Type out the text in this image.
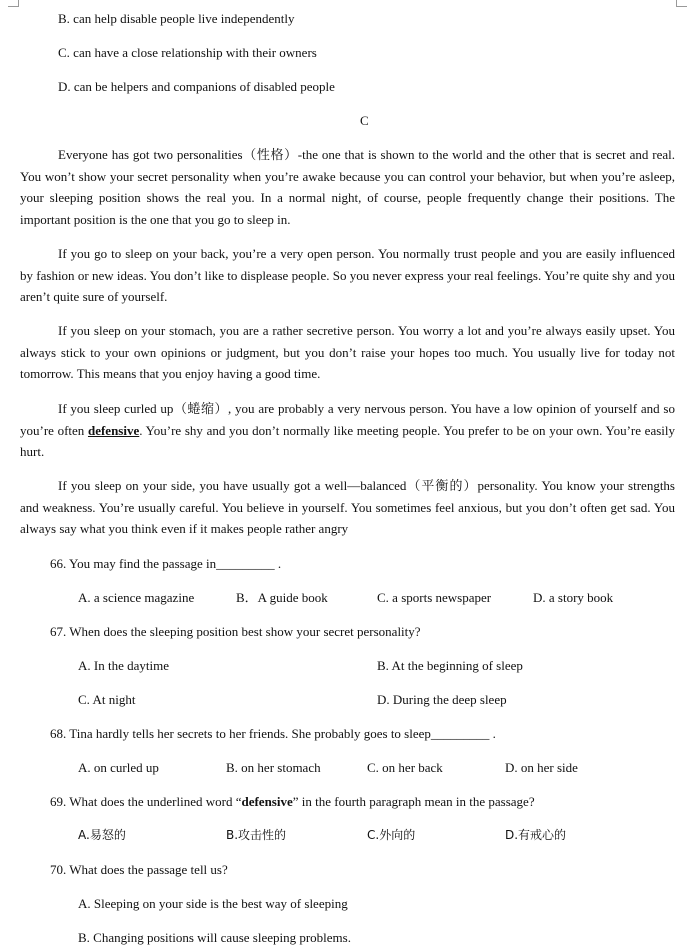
B. can help disable people live independently
C. can have a close relationship with their owners
D. can be helpers and companions of disabled people
C
Everyone has got two personalities（性格）-the one that is shown to the world and the other that is secret and real. You won’t show your secret personality when you’re awake because you can control your behavior, but when you’re asleep, your sleeping position shows the real you. In a normal night, of course, people frequently change their positions. The important position is the one that you go to sleep in.
If you go to sleep on your back, you’re a very open person. You normally trust people and you are easily influenced by fashion or new ideas. You don’t like to displease people. So you never express your real feelings. You’re quite shy and you aren’t quite sure of yourself.
If you sleep on your stomach, you are a rather secretive person. You worry a lot and you’re always easily upset. You always stick to your own opinions or judgment, but you don’t raise your hopes too much. You usually live for today not tomorrow. This means that you enjoy having a good time.
If you sleep curled up（蜷缩）, you are probably a very nervous person. You have a low opinion of yourself and so you’re often defensive. You’re shy and you don’t normally like meeting people. You prefer to be on your own. You’re easily hurt.
If you sleep on your side, you have usually got a well—balanced（平衡的）personality. You know your strengths and weakness. You’re usually careful. You believe in yourself. You sometimes feel anxious, but you don’t often get sad. You always say what you think even if it makes people rather angry
66. You may find the passage in_________ .
A. a science magazine	B．A guide book	C. a sports newspaper	D. a story book
67. When does the sleeping position best show your secret personality?
A. In the daytime	B. At the beginning of sleep
C. At night	D. During the deep sleep
68. Tina hardly tells her secrets to her friends. She probably goes to sleep_________ .
A. on curled up	B. on her stomach	C. on her back	D. on her side
69. What does the underlined word “defensive” in the fourth paragraph mean in the passage?
A.易怒的	B.攻击性的	C.外向的	D.有戒心的
70. What does the passage tell us?
A. Sleeping on your side is the best way of sleeping
B. Changing positions will cause sleeping problems.
